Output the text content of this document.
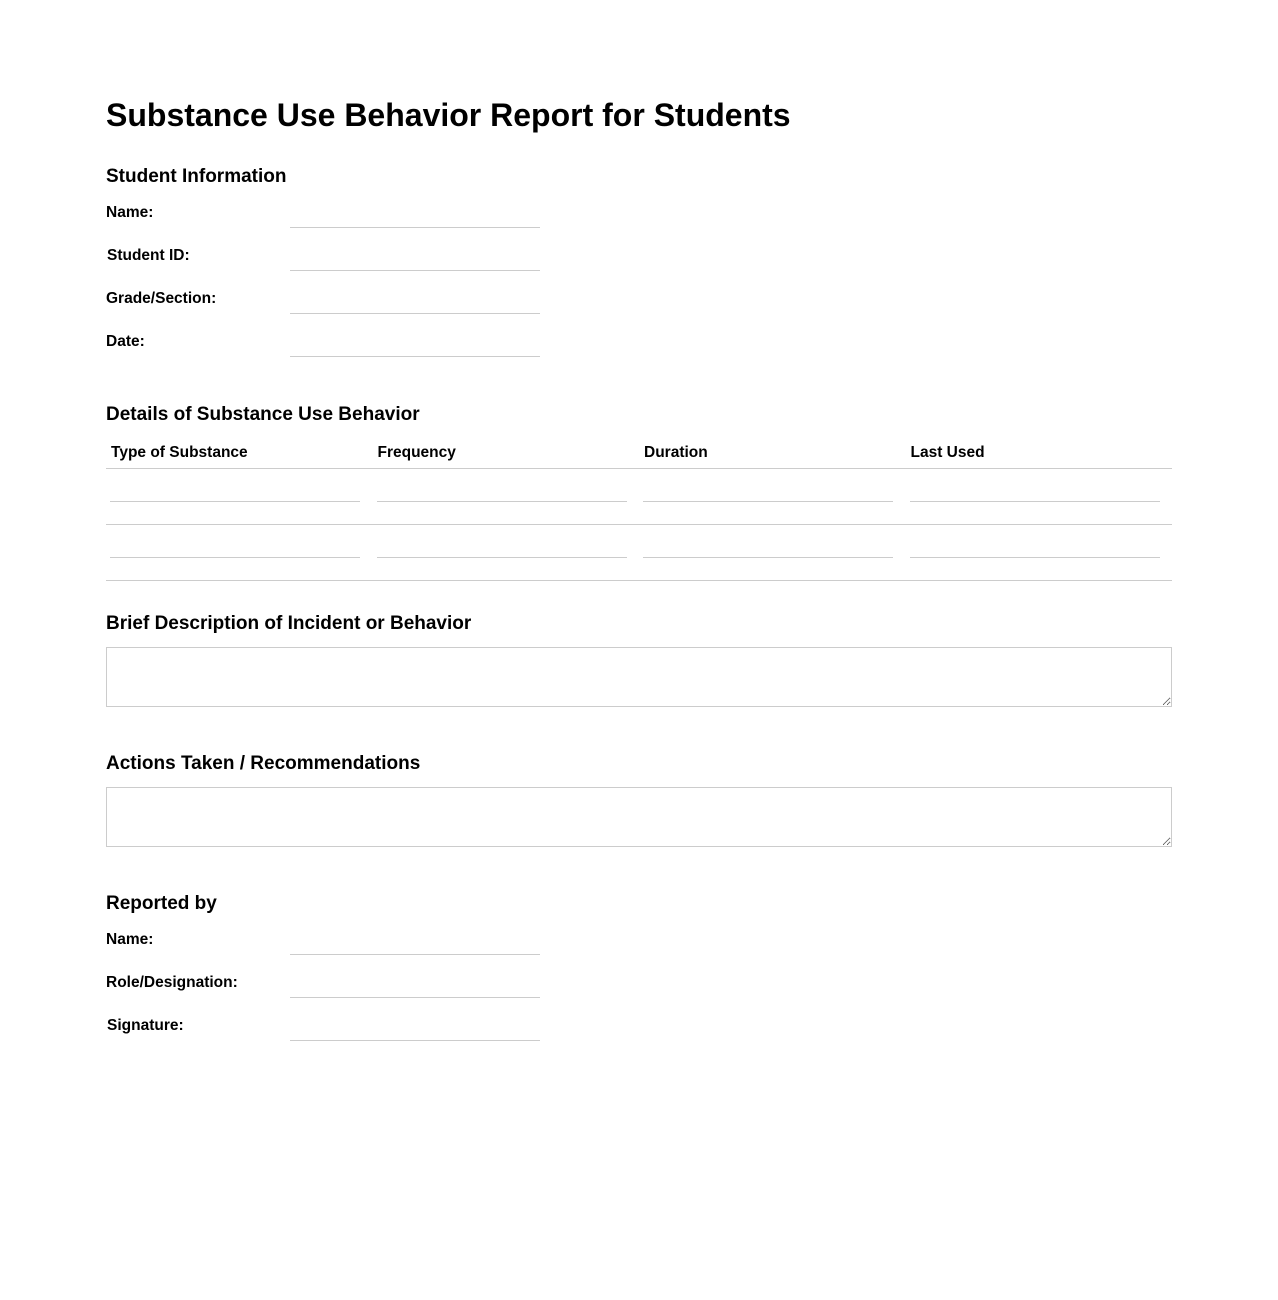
Substance Use Behavior Report for Students
Student Information
Name:
Student ID:
Grade/Section:
Date:
Details of Substance Use Behavior
Type of Substance	Frequency	Duration	Last Used

Brief Description of Incident or Behavior
Actions Taken / Recommendations
Reported by
Name:
Role/Designation:
Signature:
